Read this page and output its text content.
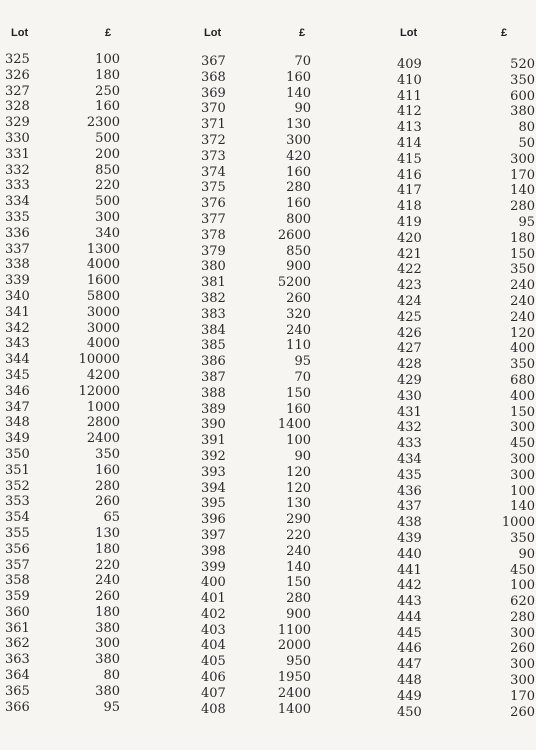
Lot	£
325	100
326	180
327	250
328	160
329	2300
330	500
331	200
332	850
333	220
334	500
335	300
336	340
337	1300
338	4000
339	1600
340	5800
341	3000
342	3000
343	4000
344	10000
345	4200
346	12000
347	1000
348	2800
349	2400
350	350
351	160
352	280
353	260
354	65
355	130
356	180
357	220
358	240
359	260
360	180
361	380
362	300
363	380
364	80
365	380
366	95
Lot	£
367	70
368	160
369	140
370	90
371	130
372	300
373	420
374	160
375	280
376	160
377	800
378	2600
379	850
380	900
381	5200
382	260
383	320
384	240
385	110
386	95
387	70
388	150
389	160
390	1400
391	100
392	90
393	120
394	120
395	130
396	290
397	220
398	240
399	140
400	150
401	280
402	900
403	1100
404	2000
405	950
406	1950
407	2400
408	1400
Lot	£
409	520
410	350
411	600
412	380
413	80
414	50
415	300
416	170
417	140
418	280
419	95
420	180
421	150
422	350
423	240
424	240
425	240
426	120
427	400
428	350
429	680
430	400
431	150
432	300
433	450
434	300
435	300
436	100
437	140
438	1000
439	350
440	90
441	450
442	100
443	620
444	280
445	300
446	260
447	300
448	300
449	170
450	260
